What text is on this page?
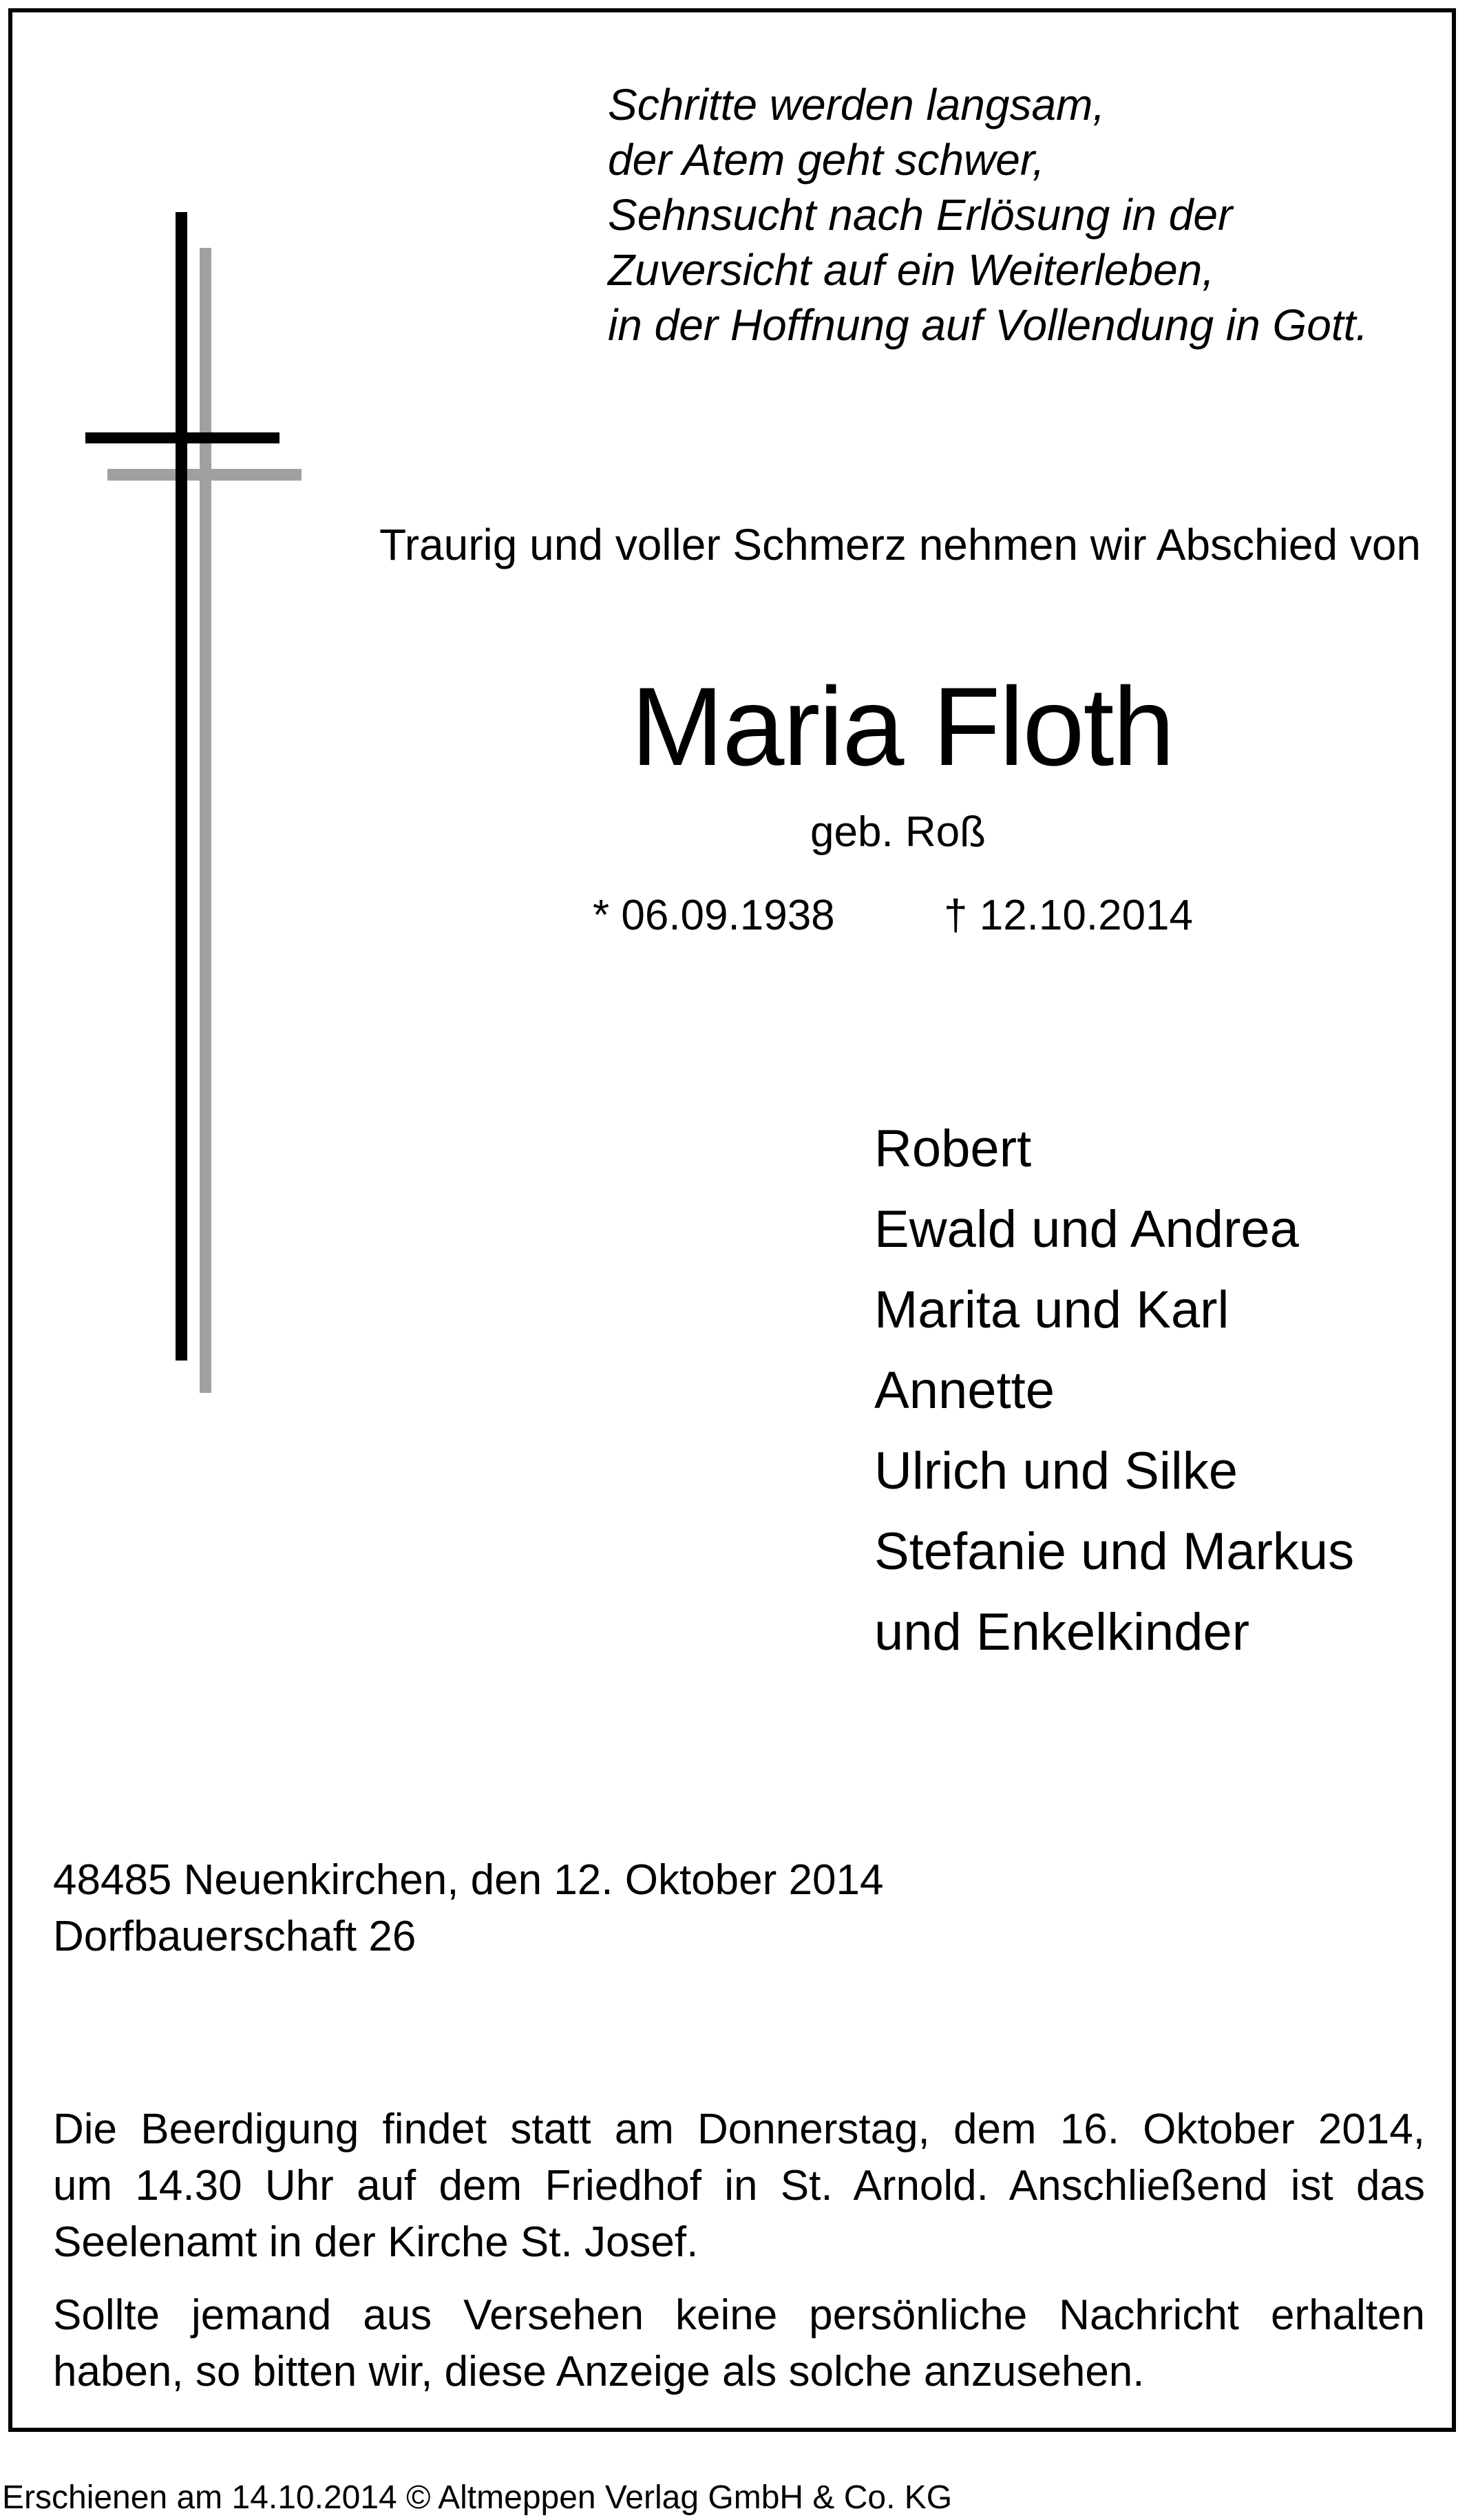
Schritte werden langsam,
der Atem geht schwer,
Sehnsucht nach Erlösung in der
Zuversicht auf ein Weiterleben,
in der Hoffnung auf Vollendung in Gott.

Traurig und voller Schmerz nehmen wir Abschied von

Maria Floth
geb. Roß
* 06.09.1938	† 12.10.2014
Robert
Ewald und Andrea
Marita und Karl
Annette
Ulrich und Silke
Stefanie und Markus
und Enkelkinder
48485 Neuenkirchen, den 12. Oktober 2014
Dorfbauerschaft 26

Die Beerdigung findet statt am Donnerstag, dem 16. Oktober 2014,
um 14.30 Uhr auf dem Friedhof in St. Arnold. Anschließend ist das
Seelenamt in der Kirche St. Josef.

Sollte jemand aus Versehen keine persönliche Nachricht erhalten
haben, so bitten wir, diese Anzeige als solche anzusehen.

Erschienen am 14.10.2014 © Altmeppen Verlag GmbH & Co. KG
